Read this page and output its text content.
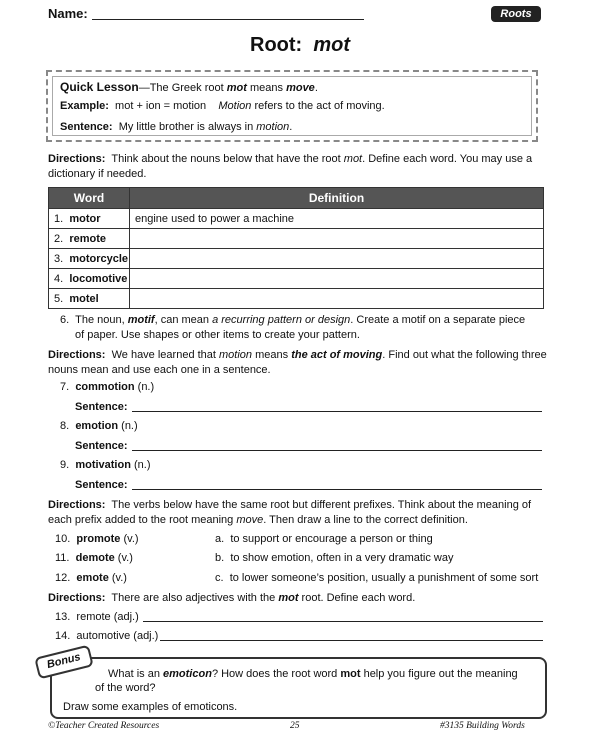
Name:	Roots
Root: mot
Quick Lesson—The Greek root mot means move.
Example: mot + ion = motion Motion refers to the act of moving.
Sentence: My little brother is always in motion.
Directions: Think about the nouns below that have the root mot. Define each word. You may use a
dictionary if needed.
Word	Definition
1. motor	engine used to power a machine
2. remote	
3. motorcycle	
4. locomotive	
5. motel	
6. The noun, motif, can mean a recurring pattern or design. Create a motif on a separate piece
of paper. Use shapes or other items to create your pattern.
Directions: We have learned that motion means the act of moving. Find out what the following three
nouns mean and use each one in a sentence.
7. commotion (n.)
Sentence:
8. emotion (n.)
Sentence:
9. motivation (n.)
Sentence:
Directions: The verbs below have the same root but different prefixes. Think about the meaning of
each prefix added to the root meaning move. Then draw a line to the correct definition.
10. promote (v.)	a. to support or encourage a person or thing
11. demote (v.)	b. to show emotion, often in a very dramatic way
12. emote (v.)	c. to lower someone’s position, usually a punishment of some sort
Directions: There are also adjectives with the mot root. Define each word.
13. remote (adj.)
14. automotive (adj.)
Bonus
What is an emoticon? How does the root word mot help you figure out the meaning
of the word?
Draw some examples of emoticons.
©Teacher Created Resources	25	#3135 Building Words
